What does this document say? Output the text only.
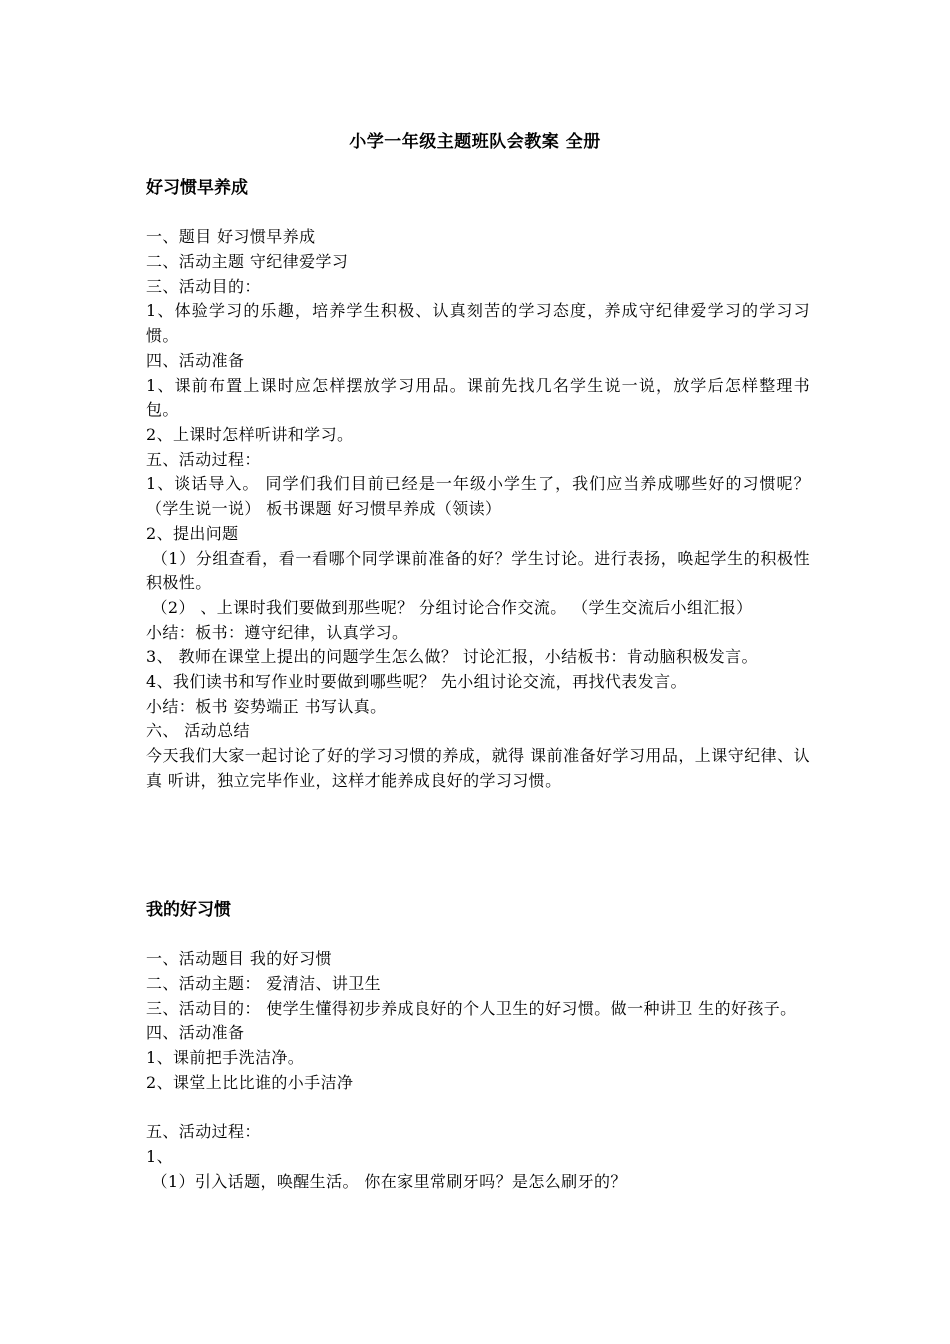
小学一年级主题班队会教案 全册

好习惯早养成

一、题目 好习惯早养成

二、活动主题 守纪律爱学习

三、活动目的：

1、体验学习的乐趣，培养学生积极、认真刻苦的学习态度，养成守纪律爱学习的学习习惯。

四、活动准备

1、课前布置上课时应怎样摆放学习用品。课前先找几名学生说一说，放学后怎样整理书包。

2、上课时怎样听讲和学习。

五、活动过程：

1、谈话导入。 同学们我们目前已经是一年级小学生了，我们应当养成哪些好的习惯呢？ （学生说一说） 板书课题 好习惯早养成（领读）

2、提出问题

（1）分组查看，看一看哪个同学课前准备的好？学生讨论。进行表扬，唤起学生的积极性积极性。

（2） 、上课时我们要做到那些呢？ 分组讨论合作交流。 （学生交流后小组汇报）

小结：板书：遵守纪律，认真学习。

3、 教师在课堂上提出的问题学生怎么做？ 讨论汇报，小结板书：肯动脑积极发言。

4、我们读书和写作业时要做到哪些呢？ 先小组讨论交流，再找代表发言。

小结：板书 姿势端正 书写认真。

六、 活动总结

今天我们大家一起讨论了好的学习习惯的养成，就得 课前准备好学习用品，上课守纪律、认真 听讲，独立完毕作业，这样才能养成良好的学习习惯。

我的好习惯

一、活动题目 我的好习惯

二、活动主题： 爱清洁、讲卫生

三、活动目的： 使学生懂得初步养成良好的个人卫生的好习惯。做一种讲卫 生的好孩子。

四、活动准备

1、课前把手洗洁净。

2、课堂上比比谁的小手洁净

五、活动过程：

1、

（1）引入话题，唤醒生活。 你在家里常刷牙吗？是怎么刷牙的？
